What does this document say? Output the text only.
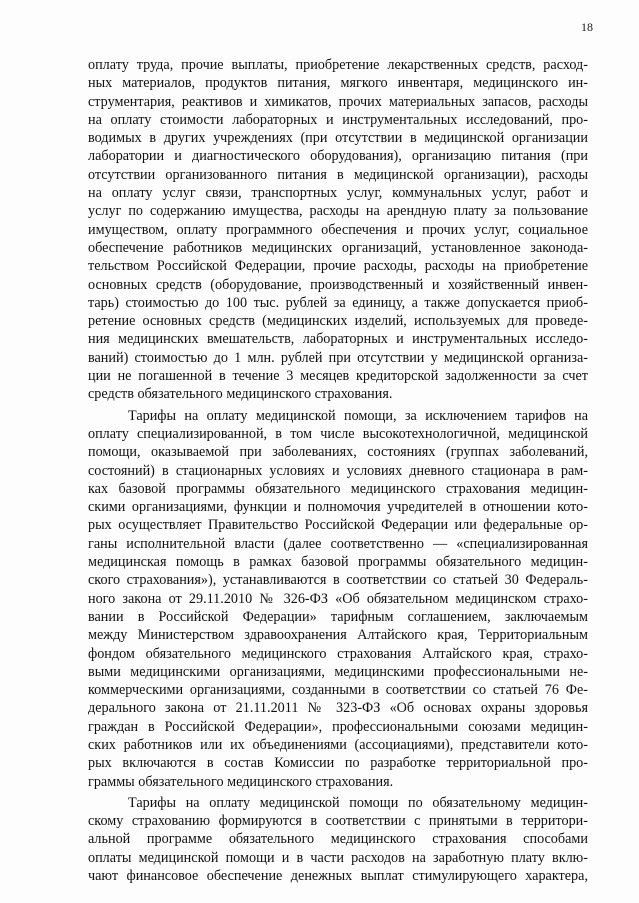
18
оплату труда, прочие выплаты, приобретение лекарственных средств, расход-
ных материалов, продуктов питания, мягкого инвентаря, медицинского ин-
струментария, реактивов и химикатов, прочих материальных запасов, расходы
на оплату стоимости лабораторных и инструментальных исследований, про-
водимых в других учреждениях (при отсутствии в медицинской организации
лаборатории и диагностического оборудования), организацию питания (при
отсутствии организованного питания в медицинской организации), расходы
на оплату услуг связи, транспортных услуг, коммунальных услуг, работ и
услуг по содержанию имущества, расходы на арендную плату за пользование
имуществом, оплату программного обеспечения и прочих услуг, социальное
обеспечение работников медицинских организаций, установленное законода-
тельством Российской Федерации, прочие расходы, расходы на приобретение
основных средств (оборудование, производственный и хозяйственный инвен-
тарь) стоимостью до 100 тыс. рублей за единицу, а также допускается приоб-
ретение основных средств (медицинских изделий, используемых для проведе-
ния медицинских вмешательств, лабораторных и инструментальных исследо-
ваний) стоимостью до 1 млн. рублей при отсутствии у медицинской организа-
ции не погашенной в течение 3 месяцев кредиторской задолженности за счет
средств обязательного медицинского страхования.
Тарифы на оплату медицинской помощи, за исключением тарифов на
оплату специализированной, в том числе высокотехнологичной, медицинской
помощи, оказываемой при заболеваниях, состояниях (группах заболеваний,
состояний) в стационарных условиях и условиях дневного стационара в рам-
ках базовой программы обязательного медицинского страхования медицин-
скими организациями, функции и полномочия учредителей в отношении кото-
рых осуществляет Правительство Российской Федерации или федеральные ор-
ганы исполнительной власти (далее соответственно — «специализированная
медицинская помощь в рамках базовой программы обязательного медицин-
ского страхования»), устанавливаются в соответствии со статьей 30 Федераль-
ного закона от 29.11.2010 № 326-ФЗ «Об обязательном медицинском страхо-
вании в Российской Федерации» тарифным соглашением, заключаемым
между Министерством здравоохранения Алтайского края, Территориальным
фондом обязательного медицинского страхования Алтайского края, страхо-
выми медицинскими организациями, медицинскими профессиональными не-
коммерческими организациями, созданными в соответствии со статьей 76 Фе-
дерального закона от 21.11.2011 № 323-ФЗ «Об основах охраны здоровья
граждан в Российской Федерации», профессиональными союзами медицин-
ских работников или их объединениями (ассоциациями), представители кото-
рых включаются в состав Комиссии по разработке территориальной про-
граммы обязательного медицинского страхования.
Тарифы на оплату медицинской помощи по обязательному медицин-
скому страхованию формируются в соответствии с принятыми в территори-
альной программе обязательного медицинского страхования способами
оплаты медицинской помощи и в части расходов на заработную плату вклю-
чают финансовое обеспечение денежных выплат стимулирующего характера,
